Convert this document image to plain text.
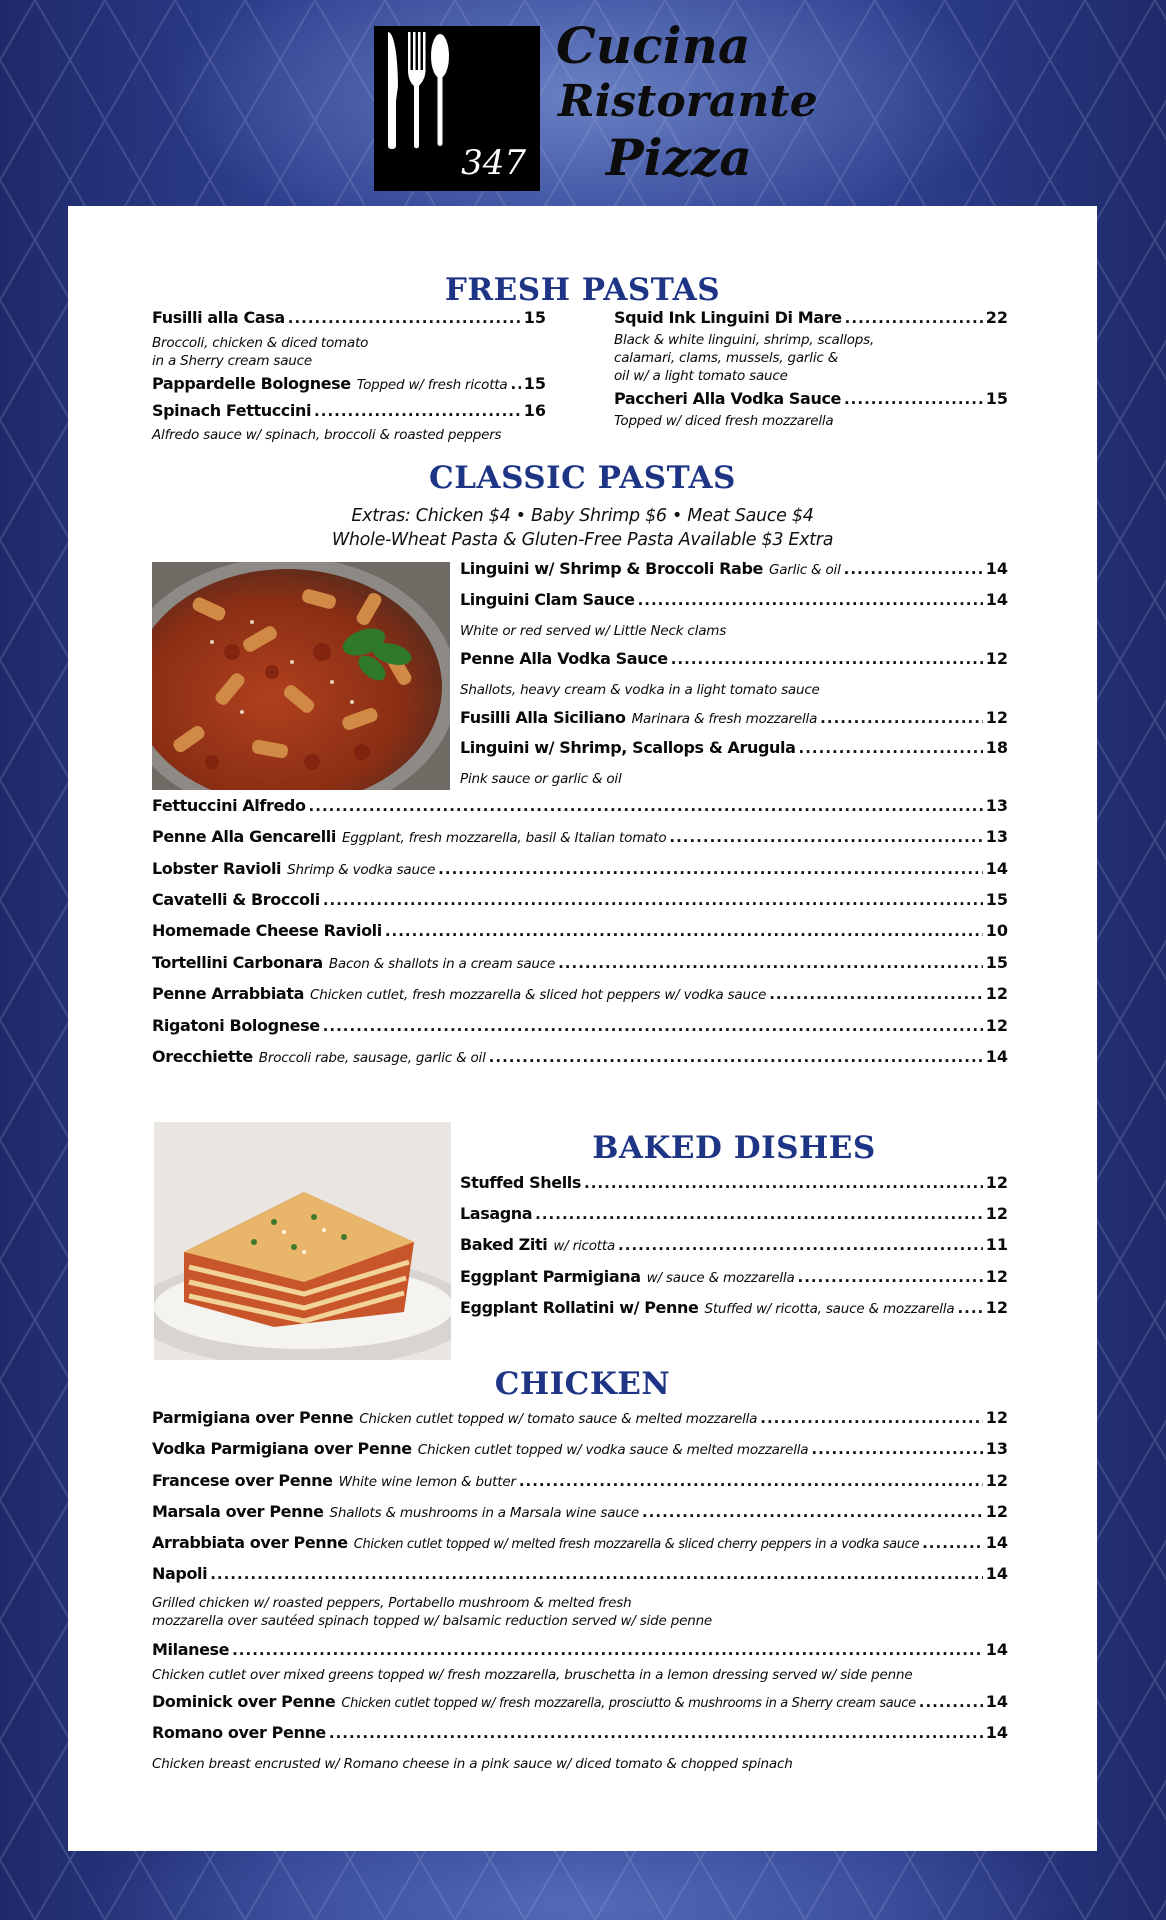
347
Cucina
Ristorante
Pizza
FRESH PASTAS
Fusilli alla Casa .....	15
Broccoli, chicken & diced tomato
in a Sherry cream sauce
Pappardelle Bolognese Topped w/ fresh ricotta ..... 15
Spinach Fettuccini .....	16
Alfredo sauce w/ spinach, broccoli & roasted peppers
Squid Ink Linguini Di Mare .....	22
Black & white linguini, shrimp, scallops,
calamari, clams, mussels, garlic &
oil w/ a light tomato sauce
Paccheri Alla Vodka Sauce .....	15
Topped w/ diced fresh mozzarella
CLASSIC PASTAS
Extras: Chicken $4 • Baby Shrimp $6 • Meat Sauce $4
Whole-Wheat Pasta & Gluten-Free Pasta Available $3 Extra
Linguini w/ Shrimp & Broccoli Rabe Garlic & oil .....	14
Linguini Clam Sauce .....	14
White or red served w/ Little Neck clams
Penne Alla Vodka Sauce .....	12
Shallots, heavy cream & vodka in a light tomato sauce
Fusilli Alla Siciliano Marinara & fresh mozzarella .....	12
Linguini w/ Shrimp, Scallops & Arugula .....	18
Pink sauce or garlic & oil
Fettuccini Alfredo .....	13
Penne Alla Gencarelli Eggplant, fresh mozzarella, basil & Italian tomato .....	13
Lobster Ravioli Shrimp & vodka sauce .....	14
Cavatelli & Broccoli .....	15
Homemade Cheese Ravioli .....	10
Tortellini Carbonara Bacon & shallots in a cream sauce .....	15
Penne Arrabbiata Chicken cutlet, fresh mozzarella & sliced hot peppers w/ vodka sauce .....	12
Rigatoni Bolognese .....	12
Orecchiette Broccoli rabe, sausage, garlic & oil .....	14
BAKED DISHES
Stuffed Shells .....	12
Lasagna .....	12
Baked Ziti w/ ricotta .....	11
Eggplant Parmigiana w/ sauce & mozzarella .....	12
Eggplant Rollatini w/ Penne Stuffed w/ ricotta, sauce & mozzarella ..... 12
CHICKEN
Parmigiana over Penne Chicken cutlet topped w/ tomato sauce & melted mozzarella .....	12
Vodka Parmigiana over Penne Chicken cutlet topped w/ vodka sauce & melted mozzarella .....	13
Francese over Penne White wine lemon & butter .....	12
Marsala over Penne Shallots & mushrooms in a Marsala wine sauce .....	12
Arrabbiata over Penne Chicken cutlet topped w/ melted fresh mozzarella & sliced cherry peppers in a vodka sauce .....	14
Napoli .....	14
Grilled chicken w/ roasted peppers, Portabello mushroom & melted fresh
mozzarella over sautéed spinach topped w/ balsamic reduction served w/ side penne
Milanese .....	14
Chicken cutlet over mixed greens topped w/ fresh mozzarella, bruschetta in a lemon dressing served w/ side penne
Dominick over Penne Chicken cutlet topped w/ fresh mozzarella, prosciutto & mushrooms in a Sherry cream sauce .....	14
Romano over Penne .....	14
Chicken breast encrusted w/ Romano cheese in a pink sauce w/ diced tomato & chopped spinach
